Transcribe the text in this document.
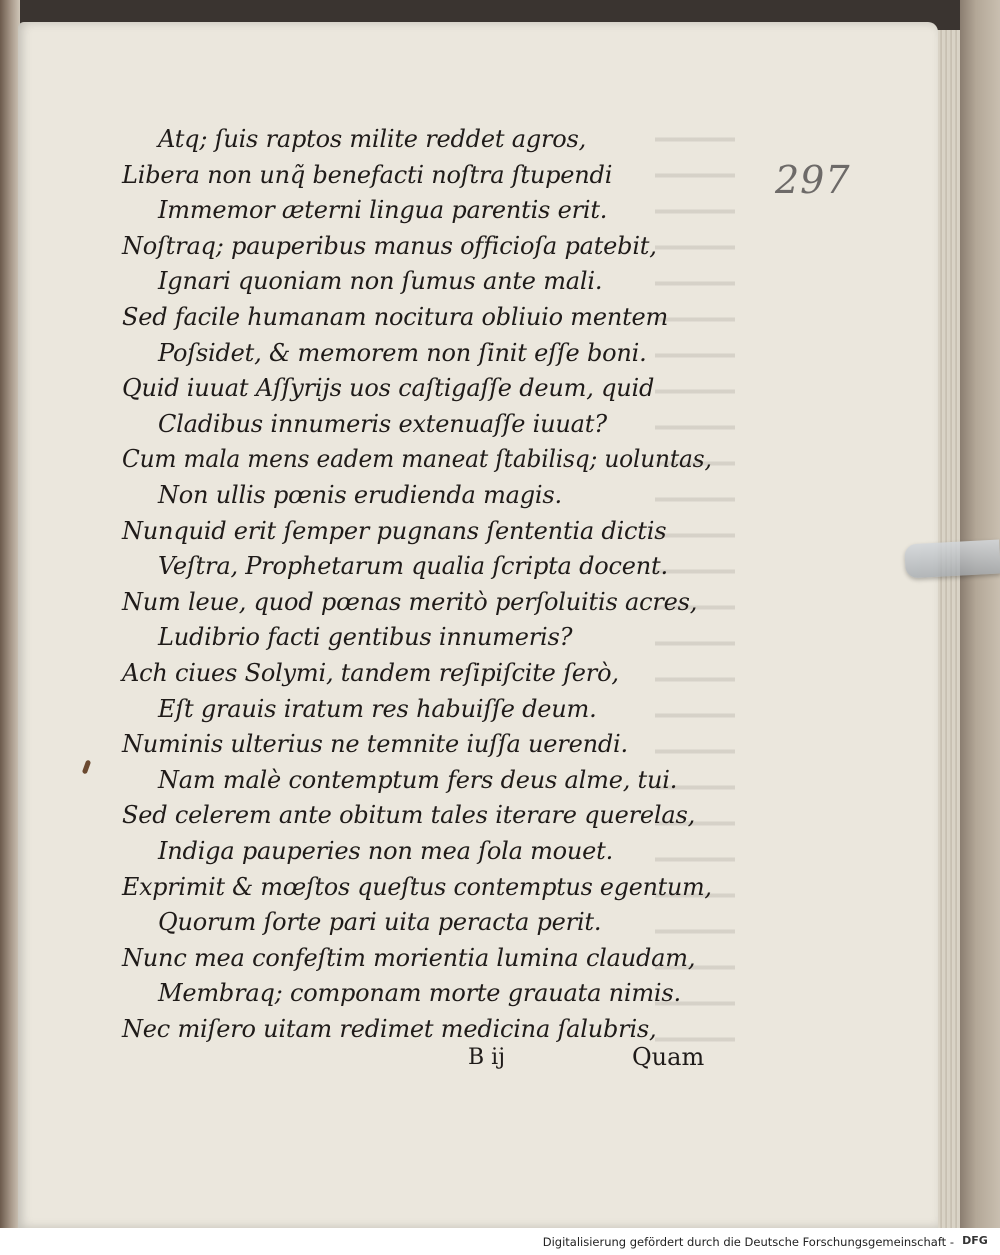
297
Atq; ſuis raptos milite reddet agros,
Libera non unq̃ benefacti noſtra ſtupendi
Immemor æterni lingua parentis erit.
Noſtraq; pauperibus manus officioſa patebit,
Ignari quoniam non ſumus ante mali.
Sed facile humanam nocitura obliuio mentem
Poſsidet, & memorem non ſinit eſſe boni.
Quid iuuat Aſſyrijs uos caſtigaſſe deum, quid
Cladibus innumeris extenuaſſe iuuat?
Cum mala mens eadem maneat ſtabilisq; uoluntas,
Non ullis pœnis erudienda magis.
Nunquid erit ſemper pugnans ſententia dictis
Veſtra, Prophetarum qualia ſcripta docent.
Num leue, quod pœnas meritò perſoluitis acres,
Ludibrio facti gentibus innumeris?
Ach ciues Solymi, tandem reſipiſcite ſerò,
Eſt grauis iratum res habuiſſe deum.
Numinis ulterius ne temnite iuſſa uerendi.
Nam malè contemptum fers deus alme, tui.
Sed celerem ante obitum tales iterare querelas,
Indiga pauperies non mea ſola mouet.
Exprimit & mœſtos queſtus contemptus egentum,
Quorum ſorte pari uita peracta perit.
Nunc mea confeſtim morientia lumina claudam,
Membraq; componam morte grauata nimis.
Nec miſero uitam redimet medicina ſalubris,
B ij	Quam
Digitalisierung gefördert durch die Deutsche Forschungsgemeinschaft - DFG
